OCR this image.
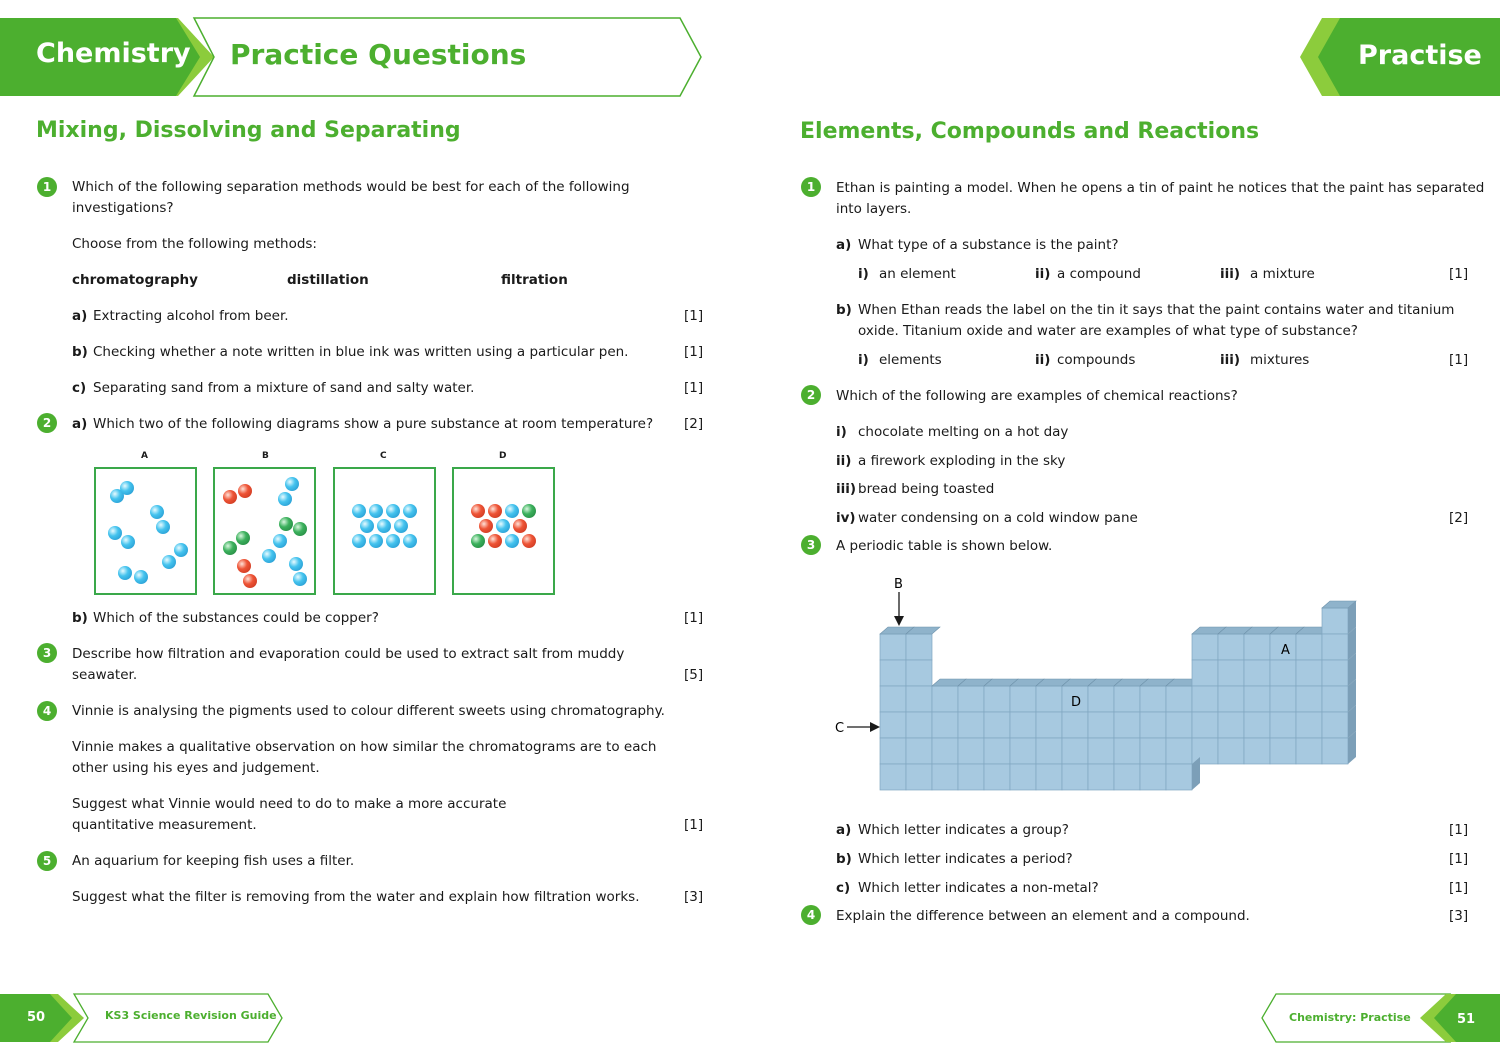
Chemistry Practice Questions	Practise
Mixing, Dissolving and Separating
1	Which of the following separation methods would be best for each of the following
investigations?
Choose from the following methods:
chromatography	distillation	filtration
a) Extracting alcohol from beer.	[1]
b) Checking whether a note written in blue ink was written using a particular pen.	[1]
c) Separating sand from a mixture of sand and salty water.	[1]
2	a) Which two of the following diagrams show a pure substance at room temperature? [2]
A	B	C	D
b) Which of the substances could be copper?	[1]
3	Describe how filtration and evaporation could be used to extract salt from muddy
seawater.	[5]
4	Vinnie is analysing the pigments used to colour different sweets using chromatography.
Vinnie makes a qualitative observation on how similar the chromatograms are to each
other using his eyes and judgement.
Suggest what Vinnie would need to do to make a more accurate
quantitative measurement.	[1]
5	An aquarium for keeping fish uses a filter.
Suggest what the filter is removing from the water and explain how filtration works.	[3]
Elements, Compounds and Reactions
1	Ethan is painting a model. When he opens a tin of paint he notices that the paint has separated
into layers.
a) What type of a substance is the paint?
i) an element	ii) a compound	iii) a mixture	[1]
b) When Ethan reads the label on the tin it says that the paint contains water and titanium
oxide. Titanium oxide and water are examples of what type of substance?
i) elements	ii) compounds	iii) mixtures	[1]
2	Which of the following are examples of chemical reactions?
i) chocolate melting on a hot day
ii) a firework exploding in the sky
iii) bread being toasted
iv) water condensing on a cold window pane	[2]
3	A periodic table is shown below.
B
C
D
A
a) Which letter indicates a group?	[1]
b) Which letter indicates a period?	[1]
c) Which letter indicates a non-metal?	[1]
4	Explain the difference between an element and a compound.	[3]
50	KS3 Science Revision Guide	Chemistry: Practise	51
